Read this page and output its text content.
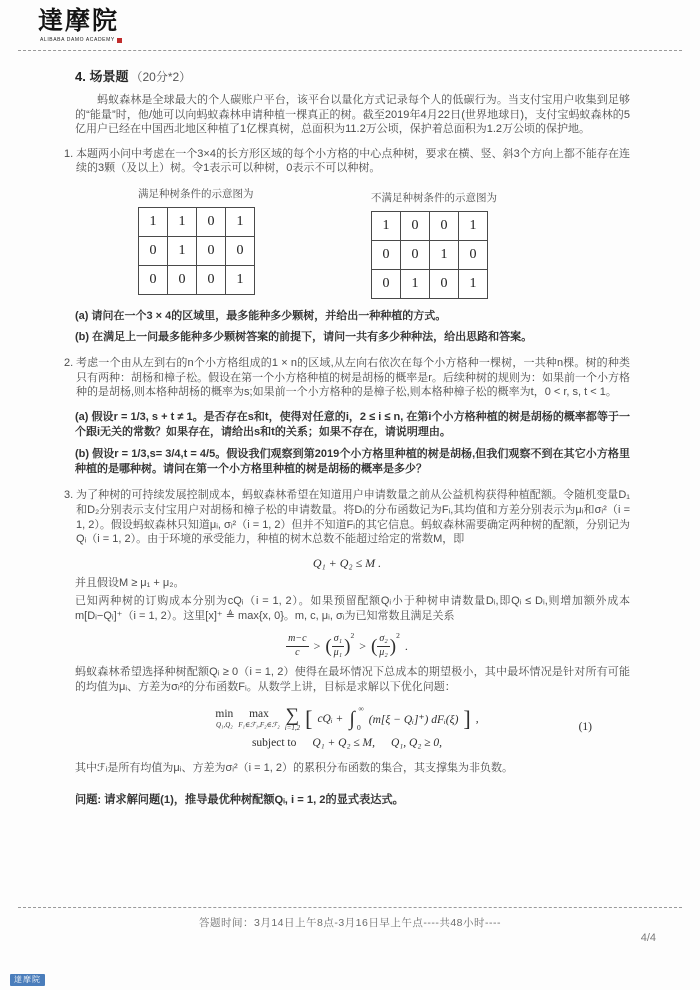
達摩院
ALIBABA DAMO ACADEMY
4. 场景题 （20分*2）

蚂蚁森林是全球最大的个人碳账户平台，该平台以量化方式记录每个人的低碳行为。当支付宝用户收集到足够的“能量”时，他/她可以向蚂蚁森林申请种植一棵真正的树。截至2019年4月22日(世界地球日)，支付宝蚂蚁森林的5亿用户已经在中国西北地区种植了1亿棵真树，总面积为11.2万公顷，保护着总面积为1.2万公顷的保护地。

1. 本题两小问中考虑在一个3×4的长方形区域的每个小方格的中心点种树，要求在横、竖、斜3个方向上都不能存在连续的3颗（及以上）树。令1表示可以种树，0表示不可以种树。

满足种树条件的示意图为
1	1	0	1
0	1	0	0
0	0	0	1
不满足种树条件的示意图为
1	0	0	1
0	0	1	0
0	1	0	1

(a) 请问在一个3 × 4的区域里，最多能种多少颗树，并给出一种种植的方式。

(b) 在满足上一问最多能种多少颗树答案的前提下，请问一共有多少种种法，给出思路和答案。

2. 考虑一个由从左到右的n个小方格组成的1 × n的区域,从左向右依次在每个小方格种一棵树，一共种n棵。树的种类只有两种：胡杨和樟子松。假设在第一个小方格种植的树是胡杨的概率是r。后续种树的规则为：如果前一个小方格种的是胡杨,则本格种胡杨的概率为s;如果前一个小方格种的是樟子松,则本格种樟子松的概率为t，0 < r, s, t < 1。

(a) 假设r = 1/3, s + t ≠ 1。是否存在s和t，使得对任意的i，2 ≤ i ≤ n, 在第i个小方格种植的树是胡杨的概率都等于一个跟i无关的常数？如果存在，请给出s和t的关系；如果不存在，请说明理由。

(b) 假设r = 1/3,s= 3/4,t = 4/5。假设我们观察到第2019个小方格里种植的树是胡杨,但我们观察不到在其它小方格里种植的是哪种树。请问在第一个小方格里种植的树是胡杨的概率是多少？

3. 为了种树的可持续发展控制成本，蚂蚁森林希望在知道用户申请数量之前从公益机构获得种植配额。令随机变量D₁和D₂分别表示支付宝用户对胡杨和樟子松的申请数量。将Dᵢ的分布函数记为Fᵢ,其均值和方差分别表示为μᵢ和σᵢ²（i = 1, 2）。假设蚂蚁森林只知道μᵢ, σᵢ²（i = 1, 2）但并不知道Fᵢ的其它信息。蚂蚁森林需要确定两种树的配额，分别记为Qᵢ（i = 1, 2）。由于环境的承受能力，种植的树木总数不能超过给定的常数M，即

Q₁ + Q₂ ≤ M .

并且假设M ≥ μ₁ + μ₂。

已知两种树的订购成本分别为cQᵢ（i = 1, 2）。如果预留配额Qᵢ小于种树申请数量Dᵢ,即Qᵢ ≤ Dᵢ,则增加额外成本m[Dᵢ−Qᵢ]⁺（i = 1, 2）。这里[x]⁺ ≜ max{x, 0}。m, c, μᵢ, σᵢ为已知常数且满足关系

$\frac{m-c}{c}$ > ( $\frac{\text{σ₁}}{\text{μ₁}}$ ) 2
> ( $\frac{\text{σ₂}}{\text{μ₂}}$ ) 2
.

蚂蚁森林希望选择种树配额Qᵢ ≥ 0（i = 1, 2）使得在最坏情况下总成本的期望极小，其中最坏情况是针对所有可能的均值为μᵢ、方差为σᵢ²的分布函数Fᵢ。从数学上讲，目标是求解以下优化问题：

min
Q₁,Q₂
max
F₁∈ℱ₁,F₂∈ℱ₂ ∑
i=1,2 [ cQᵢ + ∫ ∞
0
(m[ξ − Qᵢ]⁺) dFᵢ(ξ) ] ,
subject to Q₁ + Q₂ ≤ M, Q₁, Q₂ ≥ 0,
(1)

其中ℱᵢ是所有均值为μᵢ、方差为σᵢ²（i = 1, 2）的累积分布函数的集合，其支撑集为非负数。

问题: 请求解问题(1)，推导最优种树配额Qᵢ, i = 1, 2的显式表达式。

答题时间：3月14日上午8点-3月16日早上午点----共48小时----
4/4
達摩院
